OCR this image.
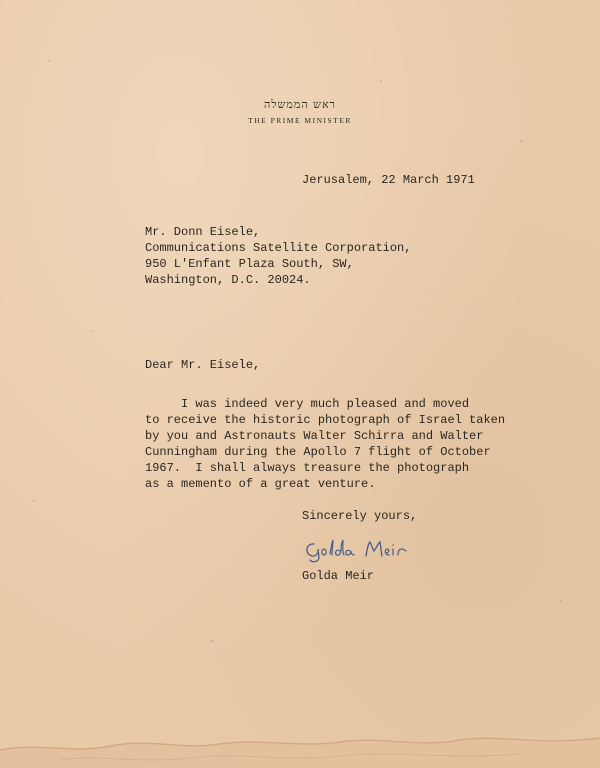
ראש הממשלה
THE PRIME MINISTER
Jerusalem, 22 March 1971
Mr. Donn Eisele,
Communications Satellite Corporation,
950 L'Enfant Plaza South, SW,
Washington, D.C. 20024.
Dear Mr. Eisele,
I was indeed very much pleased and moved
to receive the historic photograph of Israel taken
by you and Astronauts Walter Schirra and Walter
Cunningham during the Apollo 7 flight of October
1967.  I shall always treasure the photograph
as a memento of a great venture.
Sincerely yours,
Golda Meir
